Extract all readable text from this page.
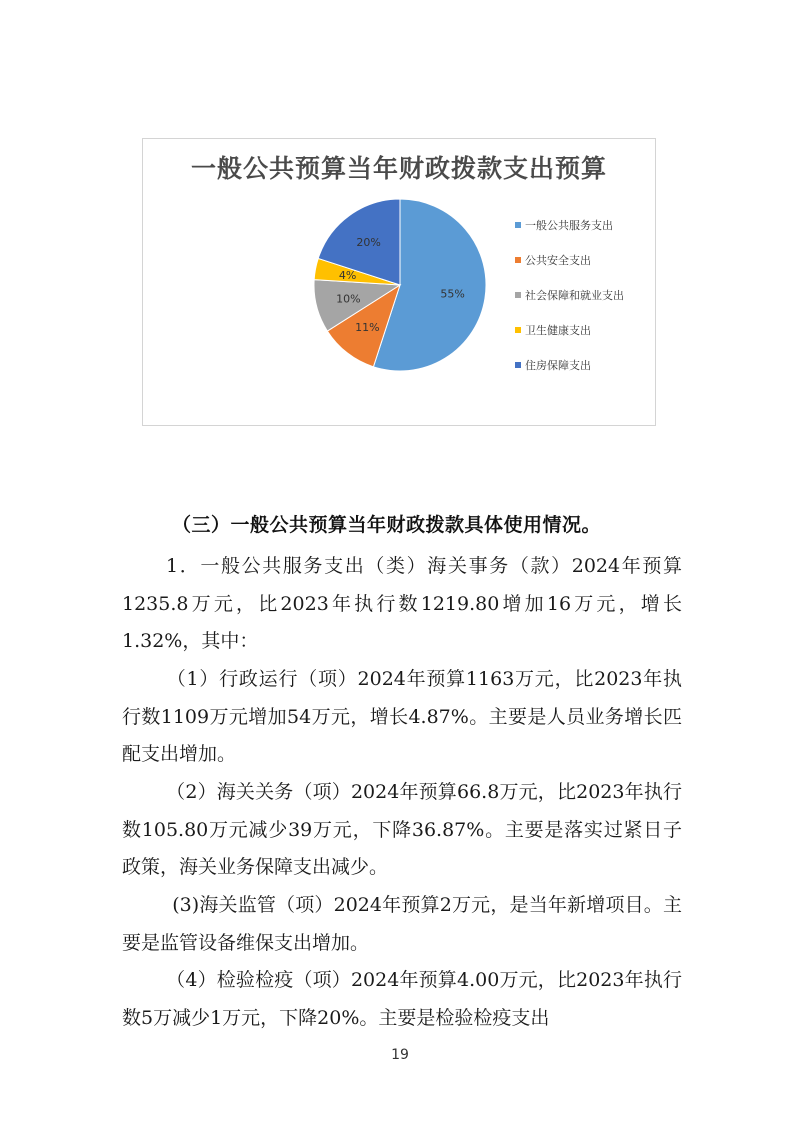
一般公共预算当年财政拨款支出预算
55%
11%
10%
4%
20%
一般公共服务支出
公共安全支出
社会保障和就业支出
卫生健康支出
住房保障支出
（三）一般公共预算当年财政拨款具体使用情况。
1．一般公共服务支出（类）海关事务（款）2024年预算1235.8万元，比2023年执行数1219.80增加16万元，增长1.32%，其中：
（1）行政运行（项）2024年预算1163万元，比2023年执行数1109万元增加54万元，增长4.87%。主要是人员业务增长匹配支出增加。
（2）海关关务（项）2024年预算66.8万元，比2023年执行数105.80万元减少39万元，下降36.87%。主要是落实过紧日子政策，海关业务保障支出减少。
(3)海关监管（项）2024年预算2万元，是当年新增项目。主要是监管设备维保支出增加。
（4）检验检疫（项）2024年预算4.00万元，比2023年执行数5万减少1万元，下降20%。主要是检验检疫支出
19
